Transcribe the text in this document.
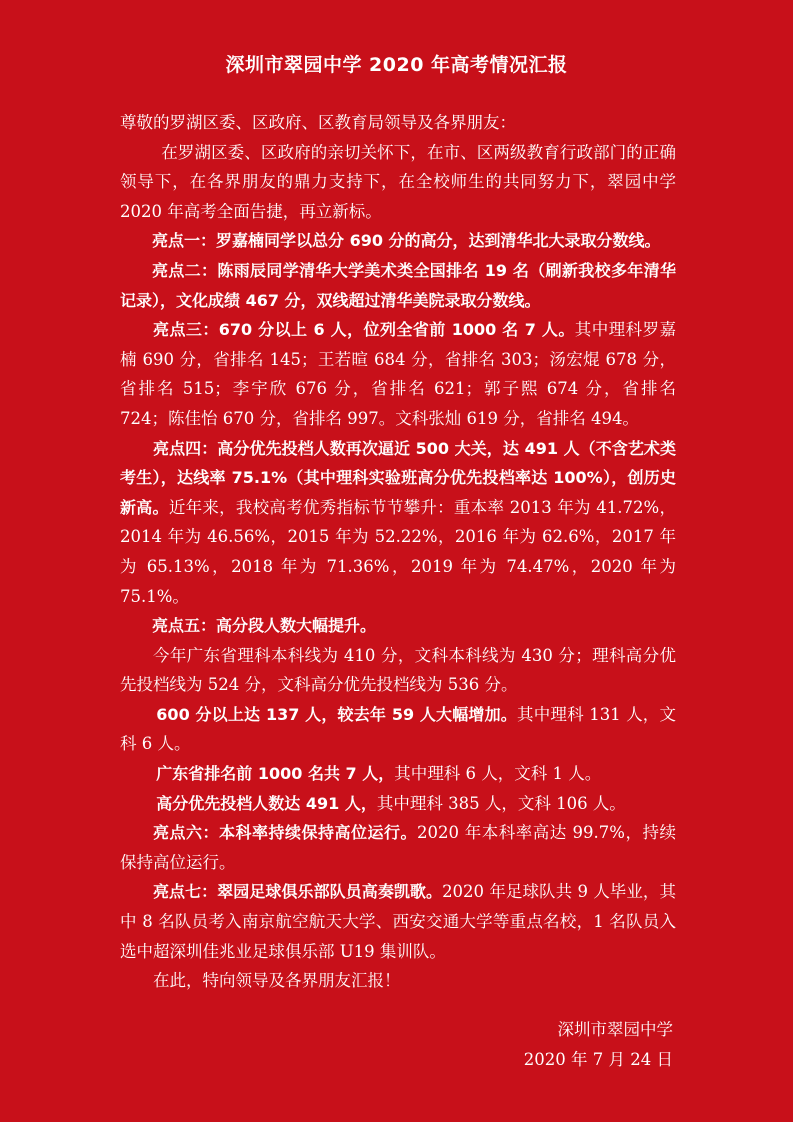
深圳市翠园中学 2020 年高考情况汇报

尊敬的罗湖区委、区政府、区教育局领导及各界朋友：

在罗湖区委、区政府的亲切关怀下，在市、区两级教育行政部门的正确领导下，在各界朋友的鼎力支持下，在全校师生的共同努力下，翠园中学 2020 年高考全面告捷，再立新标。

亮点一：罗嘉楠同学以总分 690 分的高分，达到清华北大录取分数线。

亮点二：陈雨辰同学清华大学美术类全国排名 19 名（刷新我校多年清华记录），文化成绩 467 分，双线超过清华美院录取分数线。

亮点三：670 分以上 6 人，位列全省前 1000 名 7 人。其中理科罗嘉楠 690 分，省排名 145；王若暄 684 分，省排名 303；汤宏焜 678 分，省排名 515；李宇欣 676 分，省排名 621；郭子熙 674 分，省排名 724；陈佳怡 670 分，省排名 997。文科张灿 619 分，省排名 494。

亮点四：高分优先投档人数再次逼近 500 大关，达 491 人（不含艺术类考生），达线率 75.1%（其中理科实验班高分优先投档率达 100%），创历史新高。近年来，我校高考优秀指标节节攀升：重本率 2013 年为 41.72%，2014 年为 46.56%，2015 年为 52.22%，2016 年为 62.6%，2017 年为 65.13%，2018 年为 71.36%，2019 年为 74.47%，2020 年为 75.1%。

亮点五：高分段人数大幅提升。

今年广东省理科本科线为 410 分，文科本科线为 430 分；理科高分优先投档线为 524 分，文科高分优先投档线为 536 分。

600 分以上达 137 人，较去年 59 人大幅增加。其中理科 131 人，文科 6 人。

广东省排名前 1000 名共 7 人，其中理科 6 人，文科 1 人。

高分优先投档人数达 491 人，其中理科 385 人，文科 106 人。

亮点六：本科率持续保持高位运行。2020 年本科率高达 99.7%，持续保持高位运行。

亮点七：翠园足球俱乐部队员高奏凯歌。2020 年足球队共 9 人毕业，其中 8 名队员考入南京航空航天大学、西安交通大学等重点名校，1 名队员入选中超深圳佳兆业足球俱乐部 U19 集训队。

在此，特向领导及各界朋友汇报！

深圳市翠园中学
2020 年 7 月 24 日
